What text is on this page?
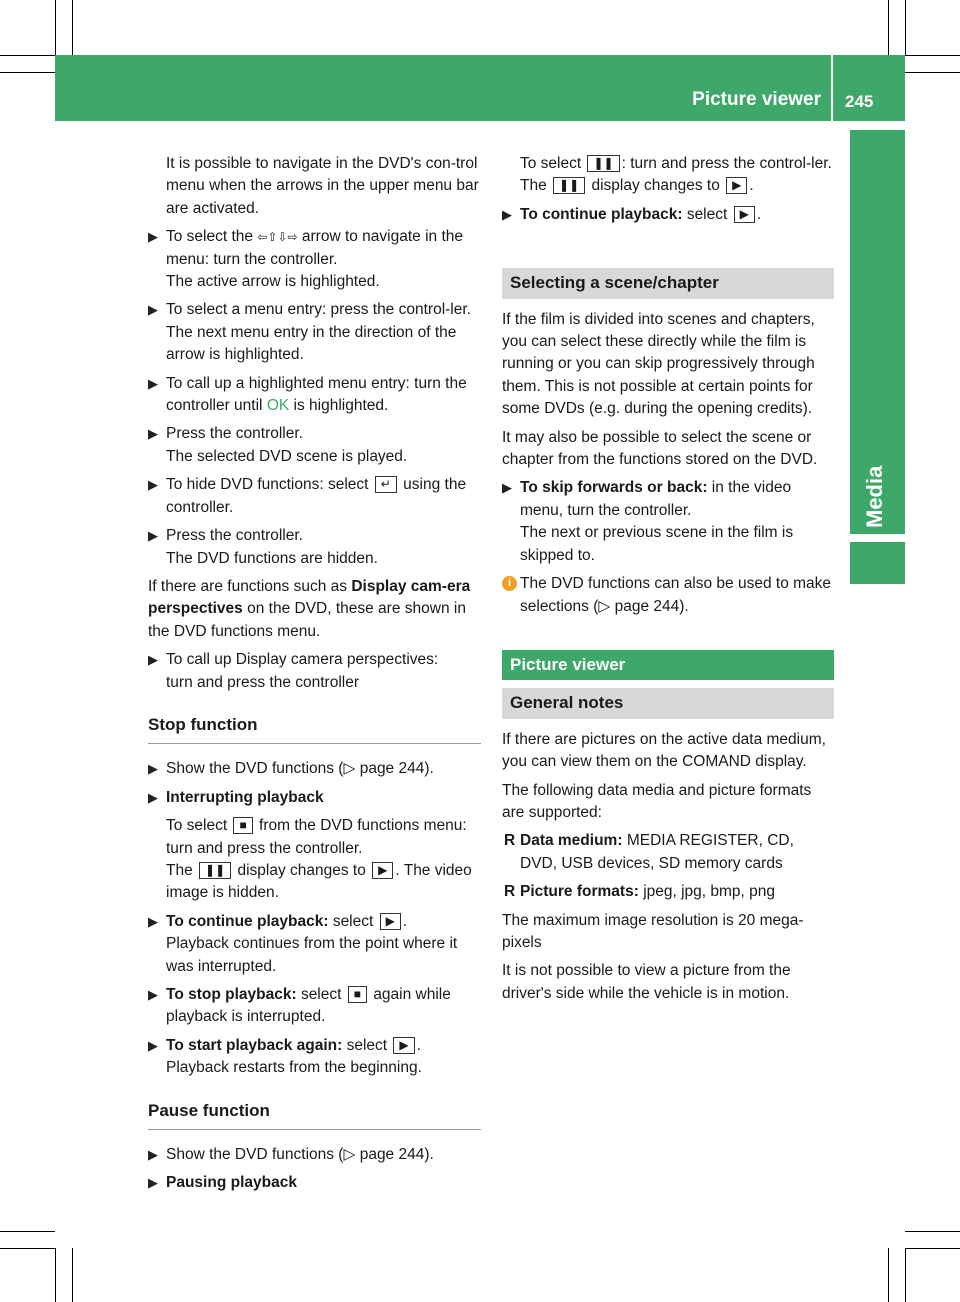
Picture viewer 245
Media

It is possible to navigate in the DVD's con-trol menu when the arrows in the upper menu bar are activated.

▶ To select the ⇦⇧⇩⇨ arrow to navigate in the menu: turn the controller.
The active arrow is highlighted.
▶ To select a menu entry: press the control-ler.
The next menu entry in the direction of the arrow is highlighted.
▶ To call up a highlighted menu entry: turn the controller until OK is highlighted.
▶ Press the controller.
The selected DVD scene is played.
▶ To hide DVD functions: select ↵ using the controller.
▶ Press the controller.
The DVD functions are hidden.

If there are functions such as Display cam-era perspectives on the DVD, these are shown in the DVD functions menu.

▶ To call up Display camera perspectives:
turn and press the controller
Stop function
▶ Show the DVD functions (▷ page 244).
▶ Interrupting playback

To select ■ from the DVD functions menu: turn and press the controller.
The ❚❚ display changes to ▶ . The video image is hidden.

▶ To continue playback: select ▶ .
Playback continues from the point where it was interrupted.
▶ To stop playback: select ■ again while playback is interrupted.
▶ To start playback again: select ▶ .
Playback restarts from the beginning.
Pause function
▶ Show the DVD functions (▷ page 244).
▶ Pausing playback

To select ❚❚ : turn and press the control-ler.
The ❚❚ display changes to ▶ .

▶ To continue playback: select ▶ .
Selecting a scene/chapter

If the film is divided into scenes and chapters, you can select these directly while the film is running or you can skip progressively through them. This is not possible at certain points for some DVDs (e.g. during the opening credits).

It may also be possible to select the scene or chapter from the functions stored on the DVD.

▶ To skip forwards or back: in the video menu, turn the controller.
The next or previous scene in the film is skipped to.
i The DVD functions can also be used to make selections (▷ page 244).
Picture viewer
General notes

If there are pictures on the active data medium, you can view them on the COMAND display.

The following data media and picture formats are supported:

R Data medium: MEDIA REGISTER, CD, DVD, USB devices, SD memory cards
R Picture formats: jpeg, jpg, bmp, png

The maximum image resolution is 20 mega-pixels

It is not possible to view a picture from the driver's side while the vehicle is in motion.
